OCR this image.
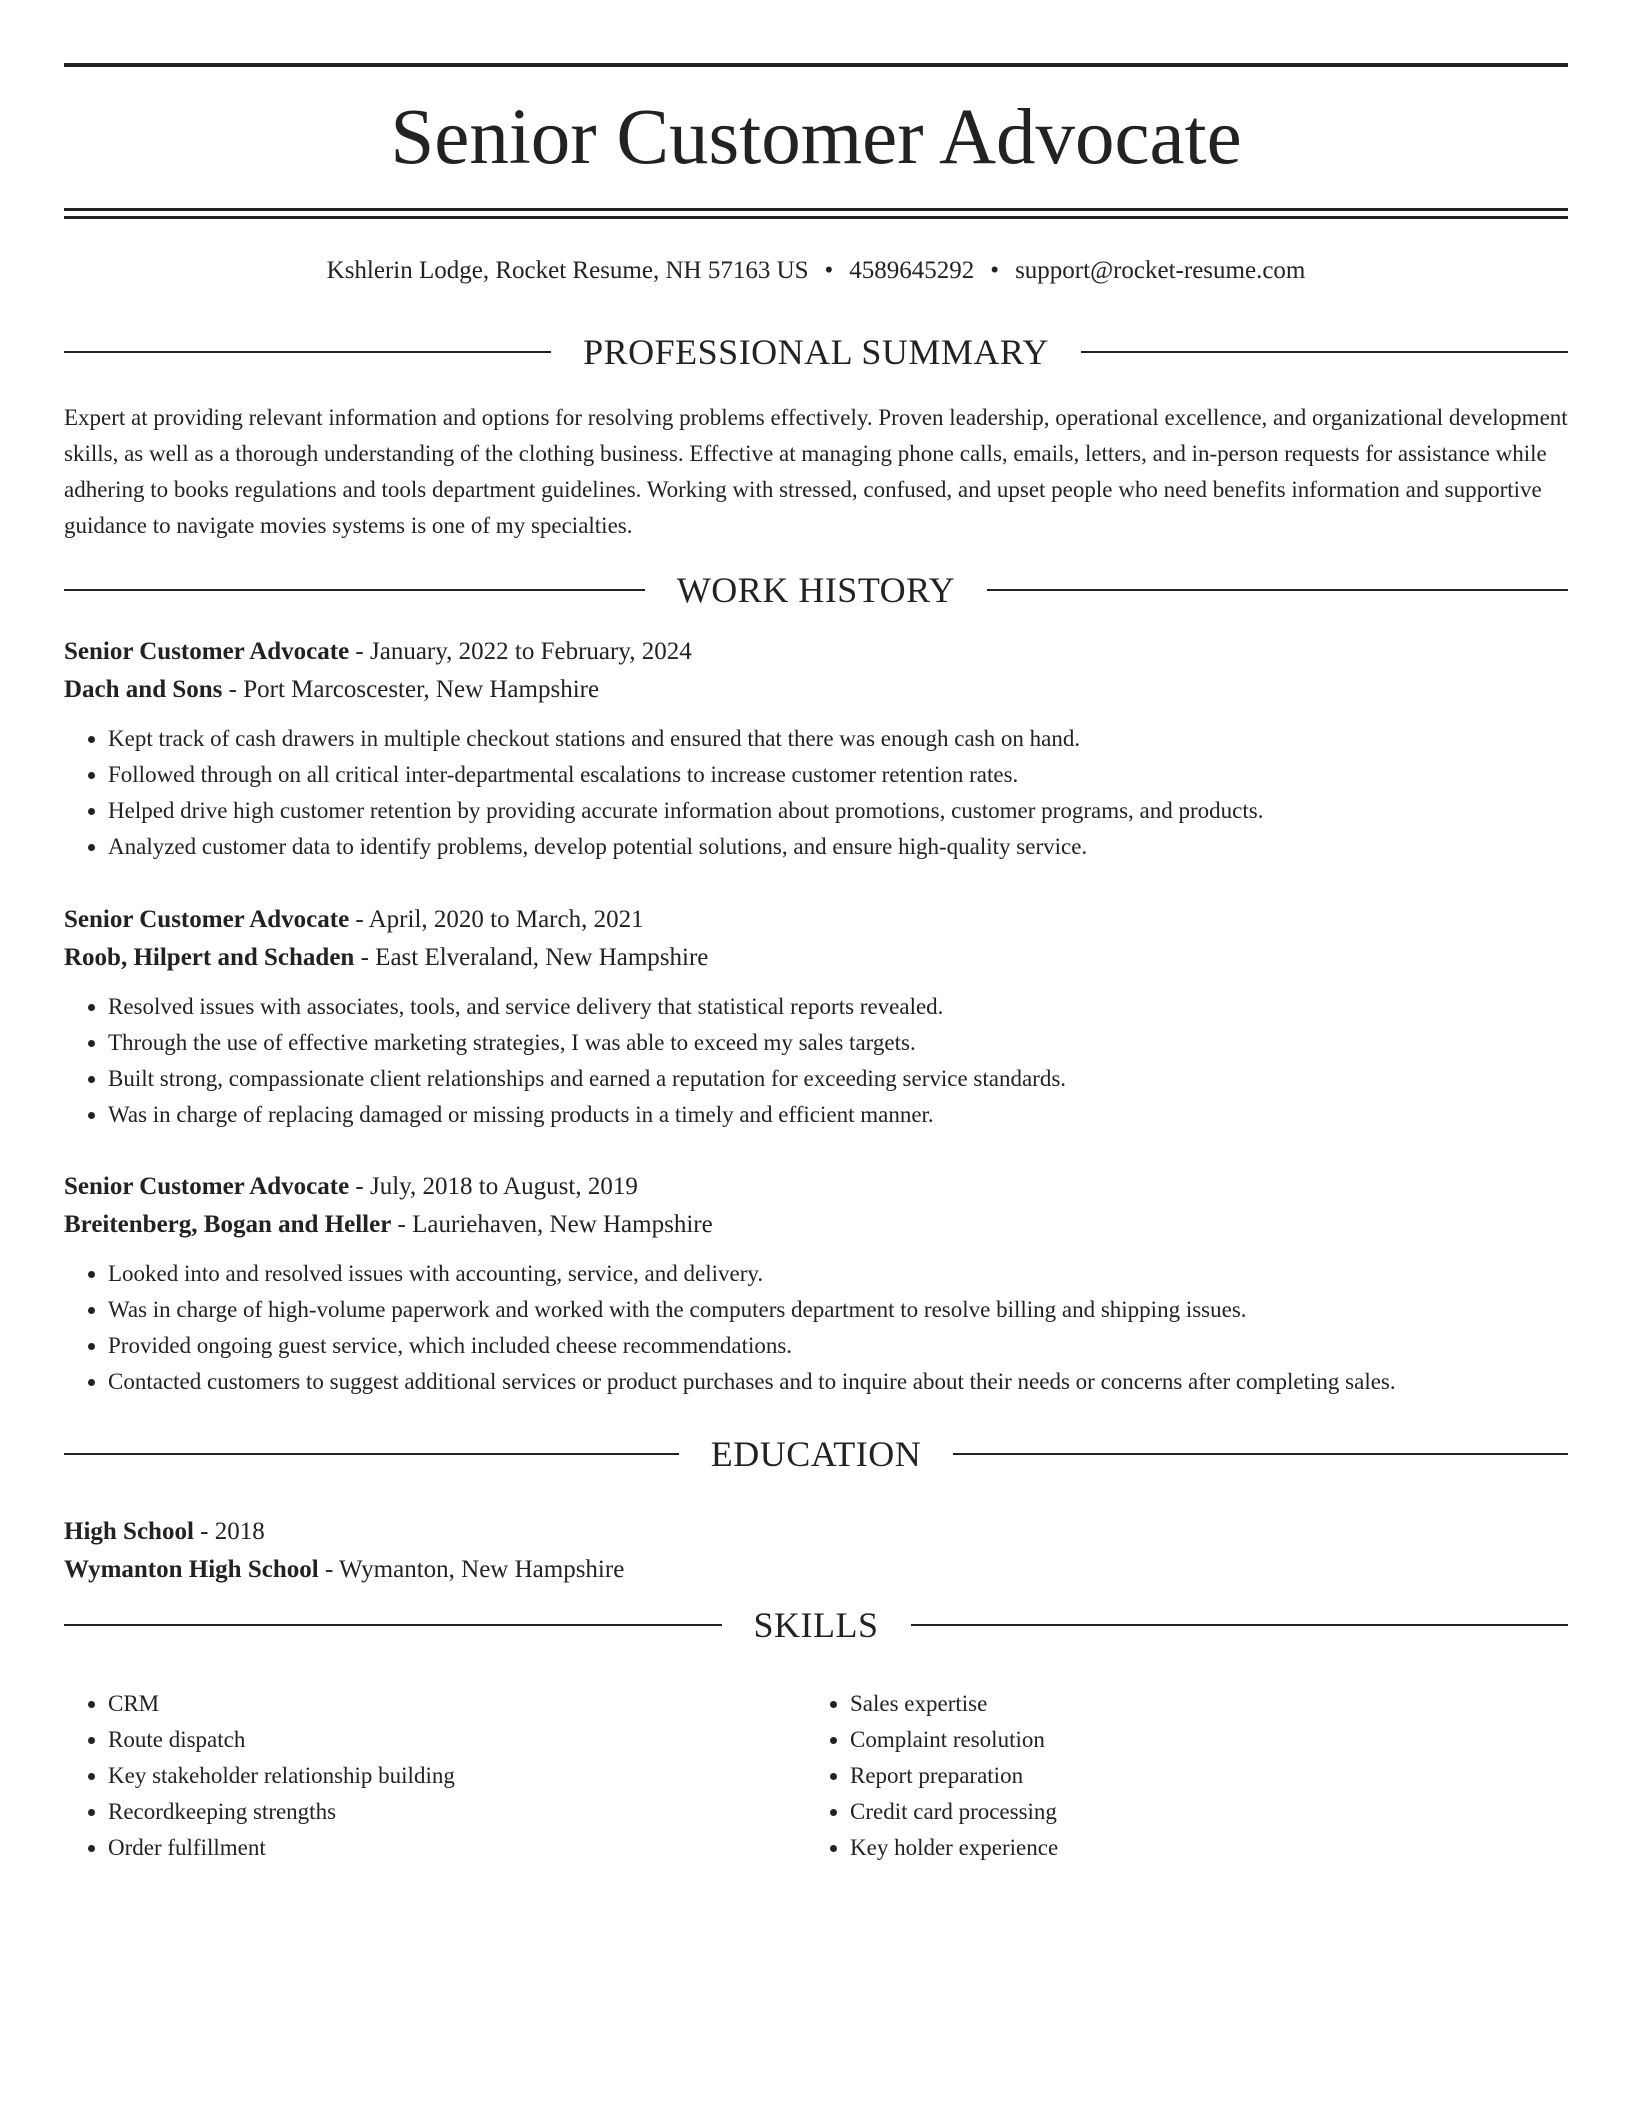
Senior Customer Advocate
Kshlerin Lodge, Rocket Resume, NH 57163 US • 4589645292 • support@rocket-resume.com
PROFESSIONAL SUMMARY

Expert at providing relevant information and options for resolving problems effectively. Proven leadership, operational excellence, and organizational development skills, as well as a thorough understanding of the clothing business. Effective at managing phone calls, emails, letters, and in-person requests for assistance while adhering to books regulations and tools department guidelines. Working with stressed, confused, and upset people who need benefits information and supportive guidance to navigate movies systems is one of my specialties.

WORK HISTORY
Senior Customer Advocate - January, 2022 to February, 2024
Dach and Sons - Port Marcoscester, New Hampshire
• Kept track of cash drawers in multiple checkout stations and ensured that there was enough cash on hand.
• Followed through on all critical inter-departmental escalations to increase customer retention rates.
• Helped drive high customer retention by providing accurate information about promotions, customer programs, and products.
• Analyzed customer data to identify problems, develop potential solutions, and ensure high-quality service.
Senior Customer Advocate - April, 2020 to March, 2021
Roob, Hilpert and Schaden - East Elveraland, New Hampshire
• Resolved issues with associates, tools, and service delivery that statistical reports revealed.
• Through the use of effective marketing strategies, I was able to exceed my sales targets.
• Built strong, compassionate client relationships and earned a reputation for exceeding service standards.
• Was in charge of replacing damaged or missing products in a timely and efficient manner.
Senior Customer Advocate - July, 2018 to August, 2019
Breitenberg, Bogan and Heller - Lauriehaven, New Hampshire
• Looked into and resolved issues with accounting, service, and delivery.
• Was in charge of high-volume paperwork and worked with the computers department to resolve billing and shipping issues.
• Provided ongoing guest service, which included cheese recommendations.
• Contacted customers to suggest additional services or product purchases and to inquire about their needs or concerns after completing sales.
EDUCATION
High School - 2018
Wymanton High School - Wymanton, New Hampshire
SKILLS
• CRM
• Route dispatch
• Key stakeholder relationship building
• Recordkeeping strengths
• Order fulfillment
• Sales expertise
• Complaint resolution
• Report preparation
• Credit card processing
• Key holder experience
